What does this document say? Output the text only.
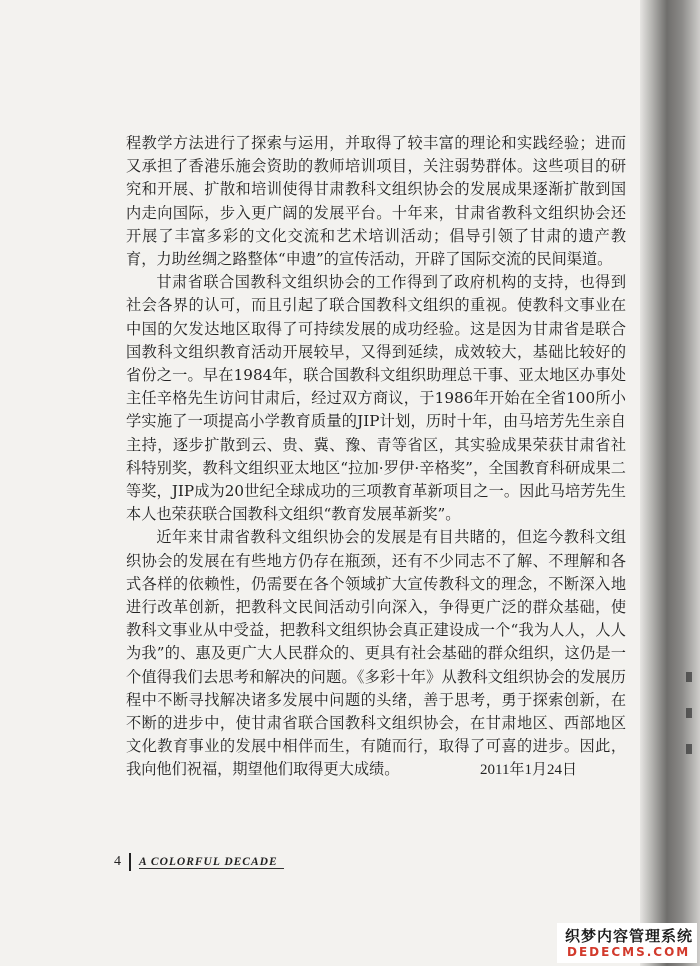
程教学方法进行了探索与运用，并取得了较丰富的理论和实践经验；进而又承担了香港乐施会资助的教师培训项目，关注弱势群体。这些项目的研究和开展、扩散和培训使得甘肃教科文组织协会的发展成果逐渐扩散到国内走向国际，步入更广阔的发展平台。十年来，甘肃省教科文组织协会还开展了丰富多彩的文化交流和艺术培训活动；倡导引领了甘肃的遗产教育，力助丝绸之路整体“申遗”的宣传活动，开辟了国际交流的民间渠道。

甘肃省联合国教科文组织协会的工作得到了政府机构的支持，也得到社会各界的认可，而且引起了联合国教科文组织的重视。使教科文事业在中国的欠发达地区取得了可持续发展的成功经验。这是因为甘肃省是联合国教科文组织教育活动开展较早，又得到延续，成效较大，基础比较好的省份之一。早在1984年，联合国教科文组织助理总干事、亚太地区办事处主任辛格先生访问甘肃后，经过双方商议，于1986年开始在全省100所小学实施了一项提高小学教育质量的JIP计划，历时十年，由马培芳先生亲自主持，逐步扩散到云、贵、冀、豫、青等省区，其实验成果荣获甘肃省社科特别奖，教科文组织亚太地区“拉加·罗伊·辛格奖”，全国教育科研成果二等奖，JIP成为20世纪全球成功的三项教育革新项目之一。因此马培芳先生本人也荣获联合国教科文组织“教育发展革新奖”。

近年来甘肃省教科文组织协会的发展是有目共睹的，但迄今教科文组织协会的发展在有些地方仍存在瓶颈，还有不少同志不了解、不理解和各式各样的依赖性，仍需要在各个领域扩大宣传教科文的理念，不断深入地进行改革创新，把教科文民间活动引向深入，争得更广泛的群众基础，使教科文事业从中受益，把教科文组织协会真正建设成一个“我为人人，人人为我”的、惠及更广大人民群众的、更具有社会基础的群众组织，这仍是一个值得我们去思考和解决的问题。《多彩十年》从教科文组织协会的发展历程中不断寻找解决诸多发展中问题的头绪，善于思考，勇于探索创新，在不断的进步中，使甘肃省联合国教科文组织协会，在甘肃地区、西部地区文化教育事业的发展中相伴而生，有随而行，取得了可喜的进步。因此，我向他们祝福，期望他们取得更大成绩。	2011年1月24日
4 A COLORFUL DECADE
织梦内容管理系统
DEDECMS.COM
